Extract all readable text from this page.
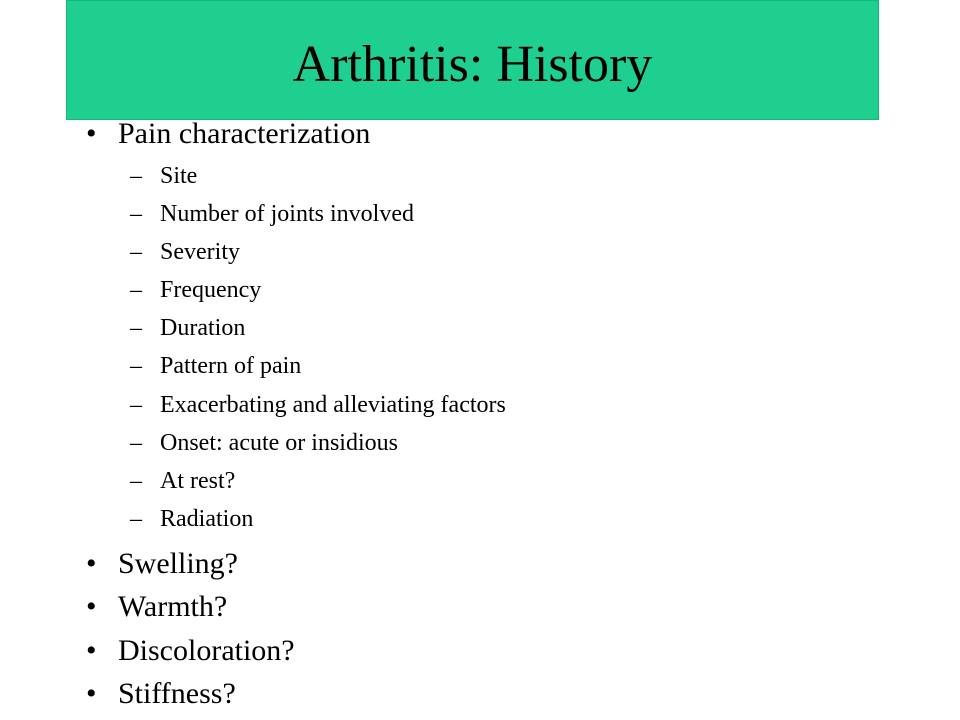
Arthritis: History
• Pain characterization
– Site
– Number of joints involved
– Severity
– Frequency
– Duration
– Pattern of pain
– Exacerbating and alleviating factors
– Onset: acute or insidious
– At rest?
– Radiation
• Swelling?
• Warmth?
• Discoloration?
• Stiffness?
